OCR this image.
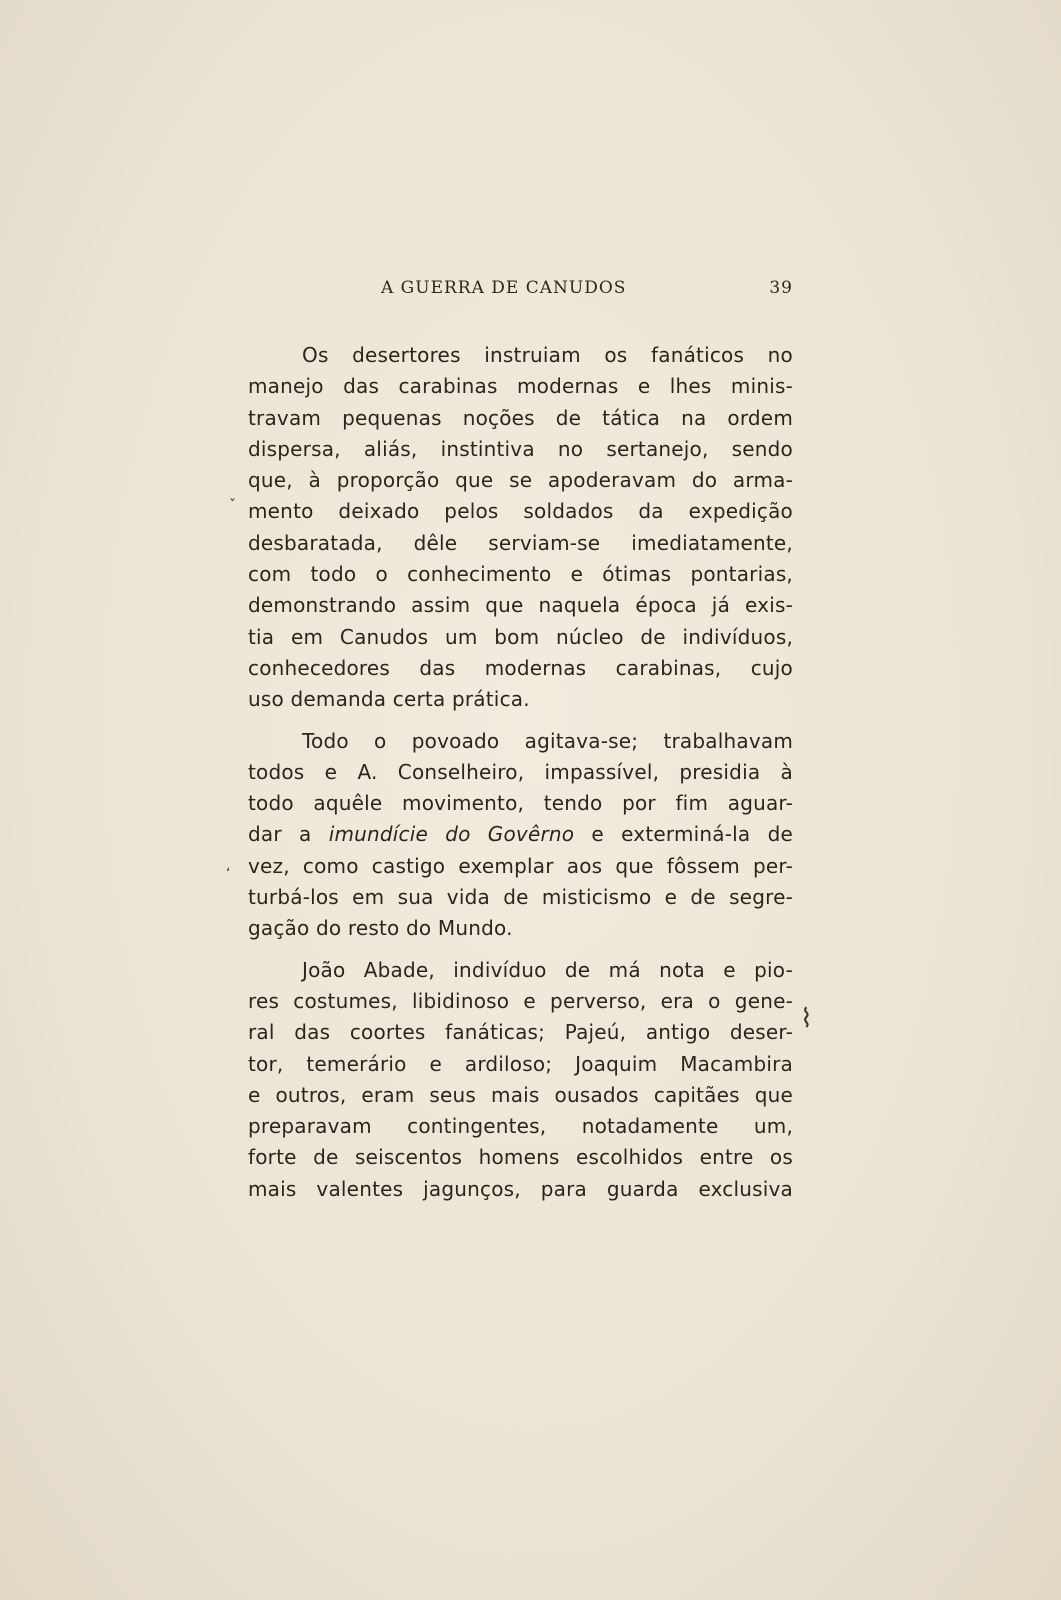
A GUERRA DE CANUDOS	39
Os desertores instruiam os fanáticos no
manejo das carabinas modernas e lhes minis-
travam pequenas noções de tática na ordem
dispersa, aliás, instintiva no sertanejo, sendo
que, à proporção que se apoderavam do arma-
mento deixado pelos soldados da expedição
desbaratada, dêle serviam-se imediatamente,
com todo o conhecimento e ótimas pontarias,
demonstrando assim que naquela época já exis-
tia em Canudos um bom núcleo de indivíduos,
conhecedores das modernas carabinas, cujo
uso demanda certa prática.
Todo o povoado agitava-se; trabalhavam
todos e A. Conselheiro, impassível, presidia à
todo aquêle movimento, tendo por fim aguar-
dar a imundície do Govêrno e exterminá-la de
vez, como castigo exemplar aos que fôssem per-
turbá-los em sua vida de misticismo e de segre-
gação do resto do Mundo.
João Abade, indivíduo de má nota e pio-
res costumes, libidinoso e perverso, era o gene-
ral das coortes fanáticas; Pajeú, antigo deser-
tor, temerário e ardiloso; Joaquim Macambira
e outros, eram seus mais ousados capitães que
preparavam contingentes, notadamente um,
forte de seiscentos homens escolhidos entre os
mais valentes jagunços, para guarda exclusiva
ˇ
ʻ
⌇
